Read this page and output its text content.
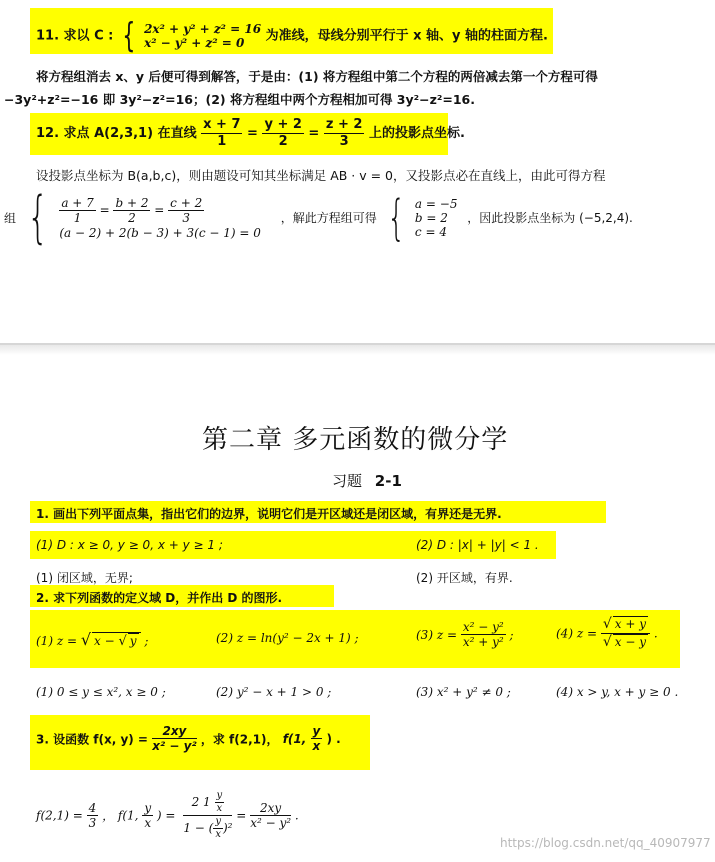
11. 求以 C : { 2x² + y² + z² = 16
x² − y² + z² = 0 为准线，母线分别平行于 x 轴、y 轴的柱面方程.
将方程组消去 x、y 后便可得到解答，于是由：(1) 将方程组中第二个方程的两倍减去第一个方程可得
−3y²+z²=−16 即 3y²−z²=16；(2) 将方程组中两个方程相加可得 3y²−z²=16.
12. 求点 A(2,3,1) 在直线 $\frac{x + 7}{1} = \frac{y + 2}{2} = \frac{z + 2}{3}$ 上的投影点坐标.
设投影点坐标为 B(a,b,c)，则由题设可知其坐标满足 AB · v = 0，又投影点必在直线上，由此可得方程
组 { $\frac{a + 7}{1} = \frac{b + 2}{2} = \frac{c + 2}{3}$

(a − 2) + 2(b − 3) + 3(c − 1) = 0 ，解此方程组可得 { a = −5
b = 2
c = 4 ，因此投影点坐标为 (−5,2,4).
第二章 多元函数的微分学
习题 2-1
1. 画出下列平面点集，指出它们的边界，说明它们是开区域还是闭区域，有界还是无界.
(1) D : x ≥ 0, y ≥ 0, x + y ≥ 1 ;	(2) D : |x| + |y| < 1 .
(1) 闭区域，无界;	(2) 开区域，有界.
2. 求下列函数的定义域 D，并作出 D 的图形.
(1) z = √ x − √ y ;	(2) z = ln(y² − 2x + 1) ;	(3) $z = \frac{\text{x² − y²}}{\text{x² + y²}}$ ;	(4) $z = \frac{√ x + y}{√ x - y}$ .
(1) 0 ≤ y ≤ x², x ≥ 0 ;	(2) y² − x + 1 > 0 ;	(3) x² + y² ≠ 0 ;	(4) x > y, x + y ≥ 0 .
3. 设函数 f(x, $y) = \frac{2xy}{\text{x² − y²}}$ ，求 f(2,1)， f(1, $\frac{y}{x}$ ) .
$f(2,1) = \frac{4}{3}$ ， f(1, $\frac{y}{x}$ ) = $\frac{2 1 \frac{y}{x}}{1 - ( \frac{y}{x} )^2} = \frac{2xy}{\text{x² − y²}}$ .
https://blog.csdn.net/qq_40907977
